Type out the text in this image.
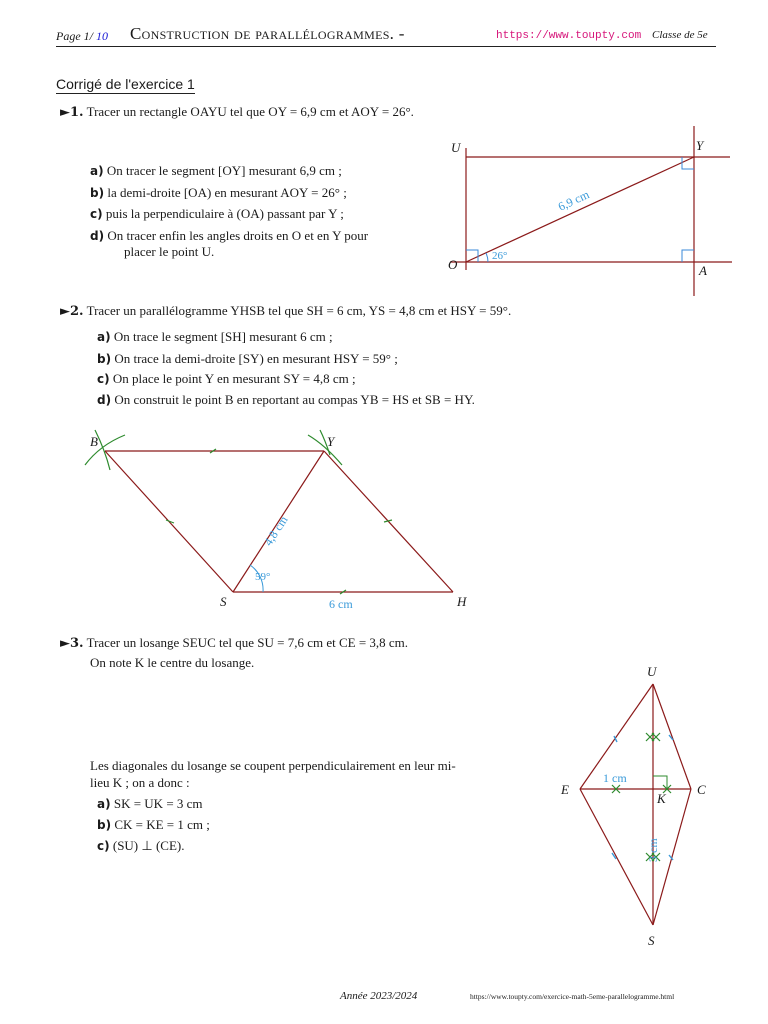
Page 1/ 10 Construction de parallélogrammes. -	https://www.toupty.com Classe de 5e
Corrigé de l'exercice 1
►1. Tracer un rectangle OAYU tel que OY = 6,9 cm et AOY = 26°.
a) On tracer le segment [OY] mesurant 6,9 cm ;
b) la demi-droite [OA) en mesurant AOY = 26° ;
c) puis la perpendiculaire à (OA) passant par Y ;
d) On tracer enfin les angles droits en O et en Y pour
placer le point U.	26°
6,9 cm
U	Y
O	A
►2. Tracer un parallélogramme YHSB tel que SH = 6 cm, YS = 4,8 cm et HSY = 59°.
a) On trace le segment [SH] mesurant 6 cm ;
b) On trace la demi-droite [SY) en mesurant HSY = 59° ;
c) On place le point Y en mesurant SY = 4,8 cm ;
d) On construit le point B en reportant au compas YB = HS et SB = HY.
59°
4,8 cm
6 cm
B	Y
S	H
►3. Tracer un losange SEUC tel que SU = 7,6 cm et CE = 3,8 cm.
On note K le centre du losange.
Les diagonales du losange se coupent perpendiculairement en leur mi-
lieu K ; on a donc :
a) SK = UK = 3 cm
b) CK = KE = 1 cm ;
c) (SU) ⊥ (CE).
1 cm
3 cm
U
E	C
K
S
Année 2023/2024	https://www.toupty.com/exercice-math-5eme-parallelogramme.html
